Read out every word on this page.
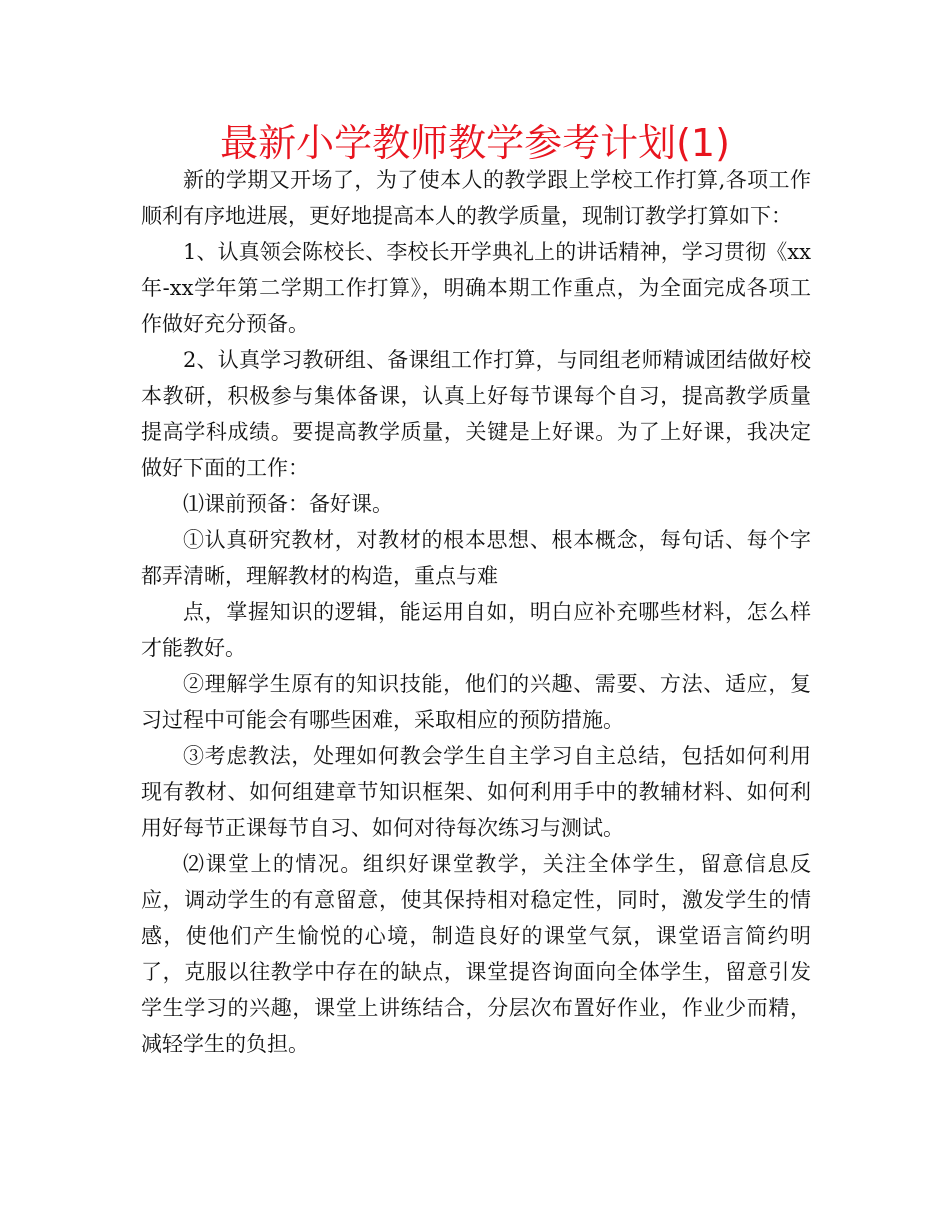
最新小学教师教学参考计划(1)

新的学期又开场了，为了使本人的教学跟上学校工作打算,各项工作顺利有序地进展，更好地提高本人的教学质量，现制订教学打算如下：

1、认真领会陈校长、李校长开学典礼上的讲话精神，学习贯彻《xx年-xx学年第二学期工作打算》，明确本期工作重点，为全面完成各项工作做好充分预备。

2、认真学习教研组、备课组工作打算，与同组老师精诚团结做好校本教研，积极参与集体备课，认真上好每节课每个自习，提高教学质量提高学科成绩。要提高教学质量，关键是上好课。为了上好课，我决定做好下面的工作：

⑴课前预备：备好课。

①认真研究教材，对教材的根本思想、根本概念，每句话、每个字都弄清晰，理解教材的构造，重点与难

点，掌握知识的逻辑，能运用自如，明白应补充哪些材料，怎么样才能教好。

②理解学生原有的知识技能，他们的兴趣、需要、方法、适应，复习过程中可能会有哪些困难，采取相应的预防措施。

③考虑教法，处理如何教会学生自主学习自主总结，包括如何利用现有教材、如何组建章节知识框架、如何利用手中的教辅材料、如何利用好每节正课每节自习、如何对待每次练习与测试。

⑵课堂上的情况。组织好课堂教学，关注全体学生，留意信息反应，调动学生的有意留意，使其保持相对稳定性，同时，激发学生的情感，使他们产生愉悦的心境，制造良好的课堂气氛，课堂语言简约明了，克服以往教学中存在的缺点，课堂提咨询面向全体学生，留意引发学生学习的兴趣，课堂上讲练结合，分层次布置好作业，作业少而精，减轻学生的负担。
